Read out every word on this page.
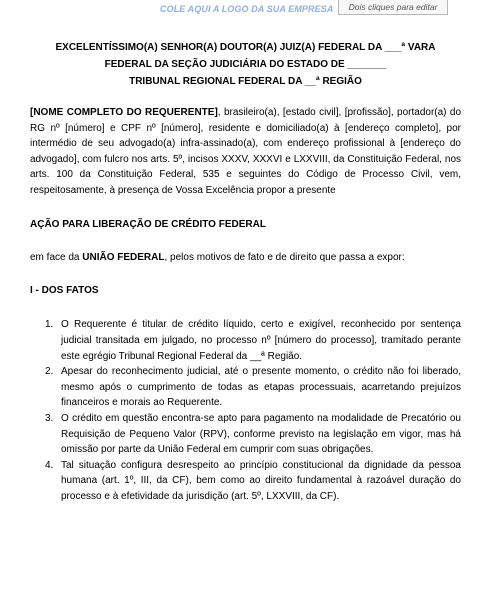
COLE AQUI A LOGO DA SUA EMPRESA	Dois cliques para editar
EXCELENTÍSSIMO(A) SENHOR(A) DOUTOR(A) JUIZ(A) FEDERAL DA ___ª VARA
FEDERAL DA SEÇÃO JUDICIÁRIA DO ESTADO DE _______
TRIBUNAL REGIONAL FEDERAL DA __ª REGIÃO
[NOME COMPLETO DO REQUERENTE], brasileiro(a), [estado civil], [profissão], portador(a) do RG nº [número] e CPF nº [número], residente e domiciliado(a) à [endereço completo], por intermédio de seu advogado(a) infra-assinado(a), com endereço profissional à [endereço do advogado], com fulcro nos arts. 5º, incisos XXXV, XXXVI e LXXVIII, da Constituição Federal, nos arts. 100 da Constituição Federal, 535 e seguintes do Código de Processo Civil, vem, respeitosamente, à presença de Vossa Excelência propor a presente
AÇÃO PARA LIBERAÇÃO DE CRÉDITO FEDERAL
em face da UNIÃO FEDERAL, pelos motivos de fato e de direito que passa a expor:
I - DOS FATOS
1. O Requerente é titular de crédito líquido, certo e exigível, reconhecido por sentença judicial transitada em julgado, no processo nº [número do processo], tramitado perante este egrégio Tribunal Regional Federal da __ª Região.
2. Apesar do reconhecimento judicial, até o presente momento, o crédito não foi liberado, mesmo após o cumprimento de todas as etapas processuais, acarretando prejuízos financeiros e morais ao Requerente.
3. O crédito em questão encontra-se apto para pagamento na modalidade de Precatório ou Requisição de Pequeno Valor (RPV), conforme previsto na legislação em vigor, mas há omissão por parte da União Federal em cumprir com suas obrigações.
4. Tal situação configura desrespeito ao princípio constitucional da dignidade da pessoa humana (art. 1º, III, da CF), bem como ao direito fundamental à razoável duração do processo e à efetividade da jurisdição (art. 5º, LXXVIII, da CF).
